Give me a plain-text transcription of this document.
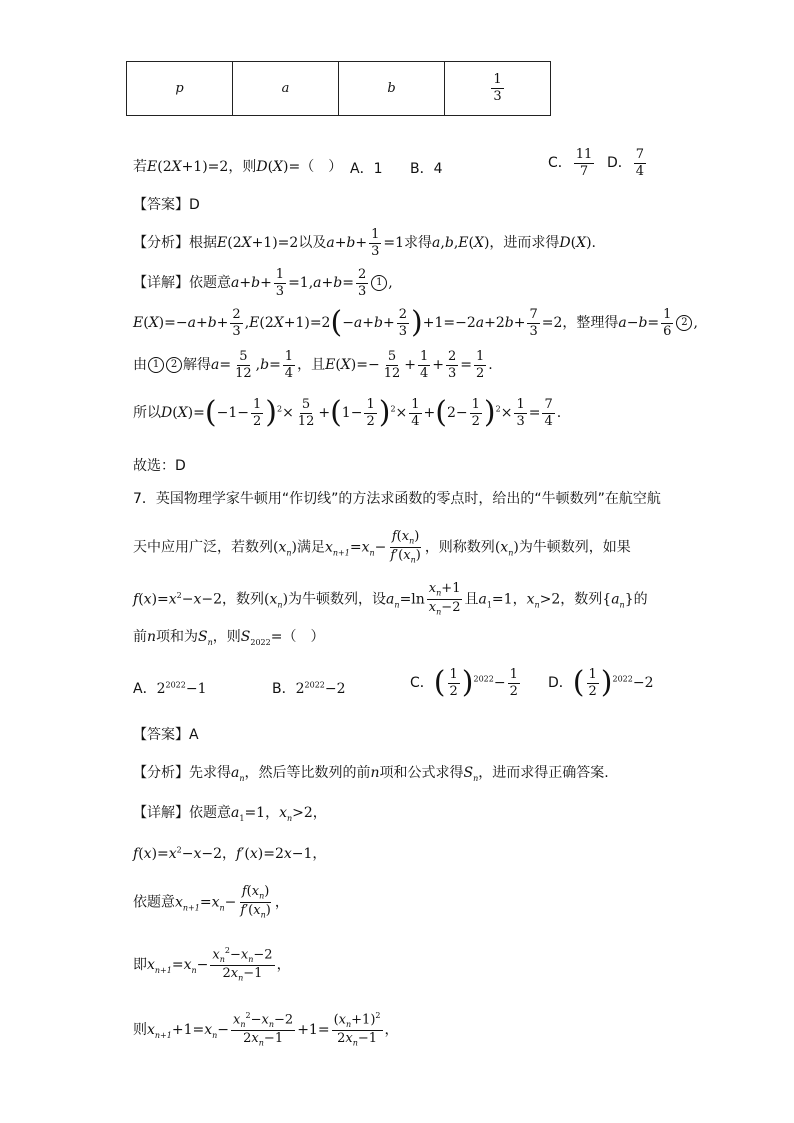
p	a	b	$\frac{1}{3}$
若E(2X+1)=2，则D(X)=（　） A．1 B．4	C． $\frac{11}{7}$ D． $\frac{7}{4}$
【答案】D
【分析】根据E(2X+1)=2以及$a+b+ \frac{1}{3} =1$求得a,b,E(X)，进而求得D(X).
【详解】依题意$a+b+ \frac{1}{3} =1,a+b= \frac{2}{3} 1$ ,
$E(X)=-a+b+ \frac{2}{3} ,E(2X+1)=2(-a+b+ \frac{2}{3} )+1=-2a+2b+ \frac{7}{3} =2$，整理得$a-b= \frac{1}{6} 2$ ,
由 1 2 解得$a= \frac{5}{12} ,b= \frac{1}{4}$ ，且$E(X)=- \frac{5}{12} + \frac{1}{4} + \frac{2}{3} = \frac{1}{2}$ .
所以$D(X)=(-1- \frac{1}{2} )^2\times \frac{5}{12} +(1- \frac{1}{2} )^2\times \frac{1}{4} +(2- \frac{1}{2} )^2\times \frac{1}{3} = \frac{7}{4}$ .
故选：D
7．英国物理学家牛顿用“作切线”的方法求函数的零点时，给出的“牛顿数列”在航空航
天中应用广泛，若数列$(x_n)$满足$x_{n+1}=x_n- \frac{f(x_n)}{f'(x_n)}$ ，则称数列$(x_n)$为牛顿数列，如果
$f(x)=x^2-x-2$，数列$(x_n)$为牛顿数列，设$a_n=\ln \frac{x_n+1}{x_n-2}$ 且$a_1=1$，$x_n>2$，数列$\{a_n\}$的
前n项和为$S_n$，则$S_{2022}=$（　）
A．$2^{2022}-1$	B．$2^{2022}-2$	C．( $\frac{1}{2} )^{2022}- \frac{1}{2}$ D．( $\frac{1}{2} )^{2022}-2$
【答案】A
【分析】先求得$a_n$，然后等比数列的前n项和公式求得$S_n$，进而求得正确答案.
【详解】依题意$a_1=1$，$x_n>2$，
$f(x)=x^2-x-2$，f′(x)=2x−1，
依题意$x_{n+1}=x_n- \frac{f(x_n)}{f'(x_n)}$ ，
即$x_{n+1}=x_n- \frac{x_n^2-x_n-2}{2x_n-1}$ ，
则$x_{n+1}+1=x_n- \frac{x_n^2-x_n-2}{2x_n-1} +1= \frac{(x_n+1)^2}{2x_n-1}$ ，
